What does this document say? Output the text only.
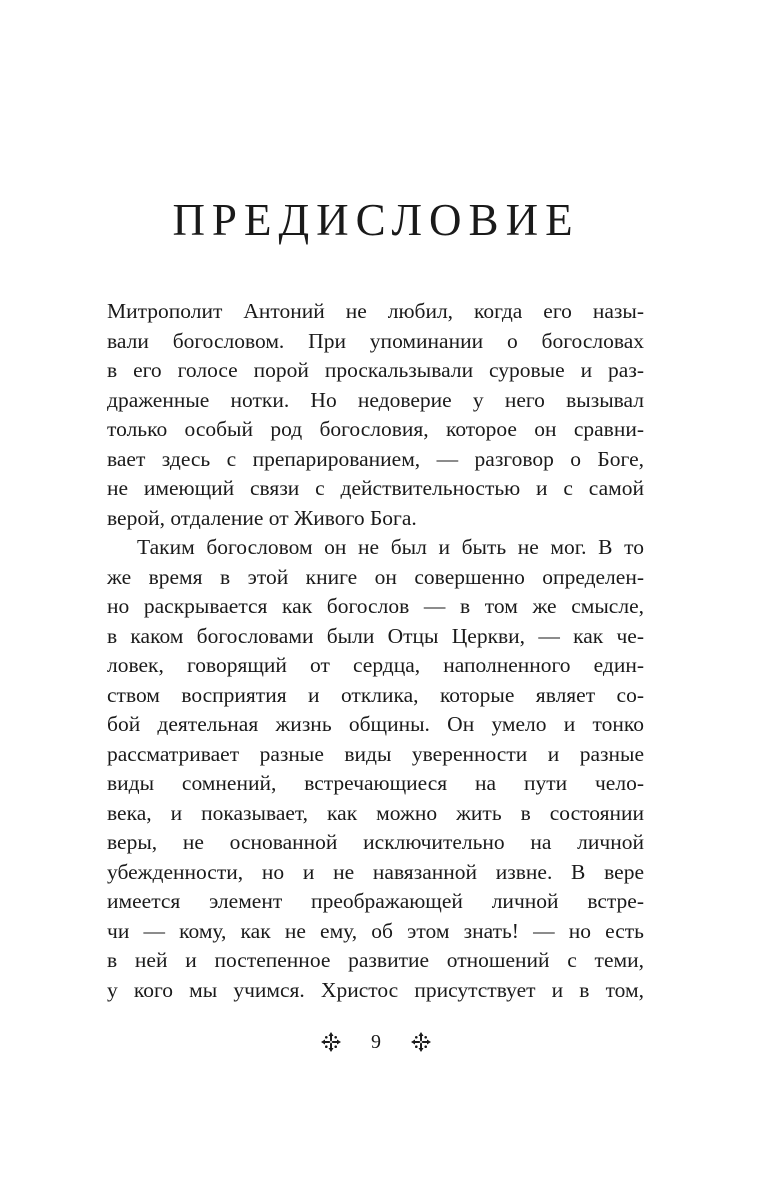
ПРЕДИСЛОВИЕ
Митрополит Антоний не любил, когда его назы-
вали богословом. При упоминании о богословах
в его голосе порой проскальзывали суровые и раз-
драженные нотки. Но недоверие у него вызывал
только особый род богословия, которое он сравни-
вает здесь с препарированием, — разговор о Боге,
не имеющий связи с действительностью и с самой
верой, отдаление от Живого Бога.
Таким богословом он не был и быть не мог. В то
же время в этой книге он совершенно определен-
но раскрывается как богослов — в том же смысле,
в каком богословами были Отцы Церкви, — как че-
ловек, говорящий от сердца, наполненного един-
ством восприятия и отклика, которые являет со-
бой деятельная жизнь общины. Он умело и тонко
рассматривает разные виды уверенности и разные
виды сомнений, встречающиеся на пути чело-
века, и показывает, как можно жить в состоянии
веры, не основанной исключительно на личной
убежденности, но и не навязанной извне. В вере
имеется элемент преображающей личной встре-
чи — кому, как не ему, об этом знать! — но есть
в ней и постепенное развитие отношений с теми,
у кого мы учимся. Христос присутствует и в том,
9
